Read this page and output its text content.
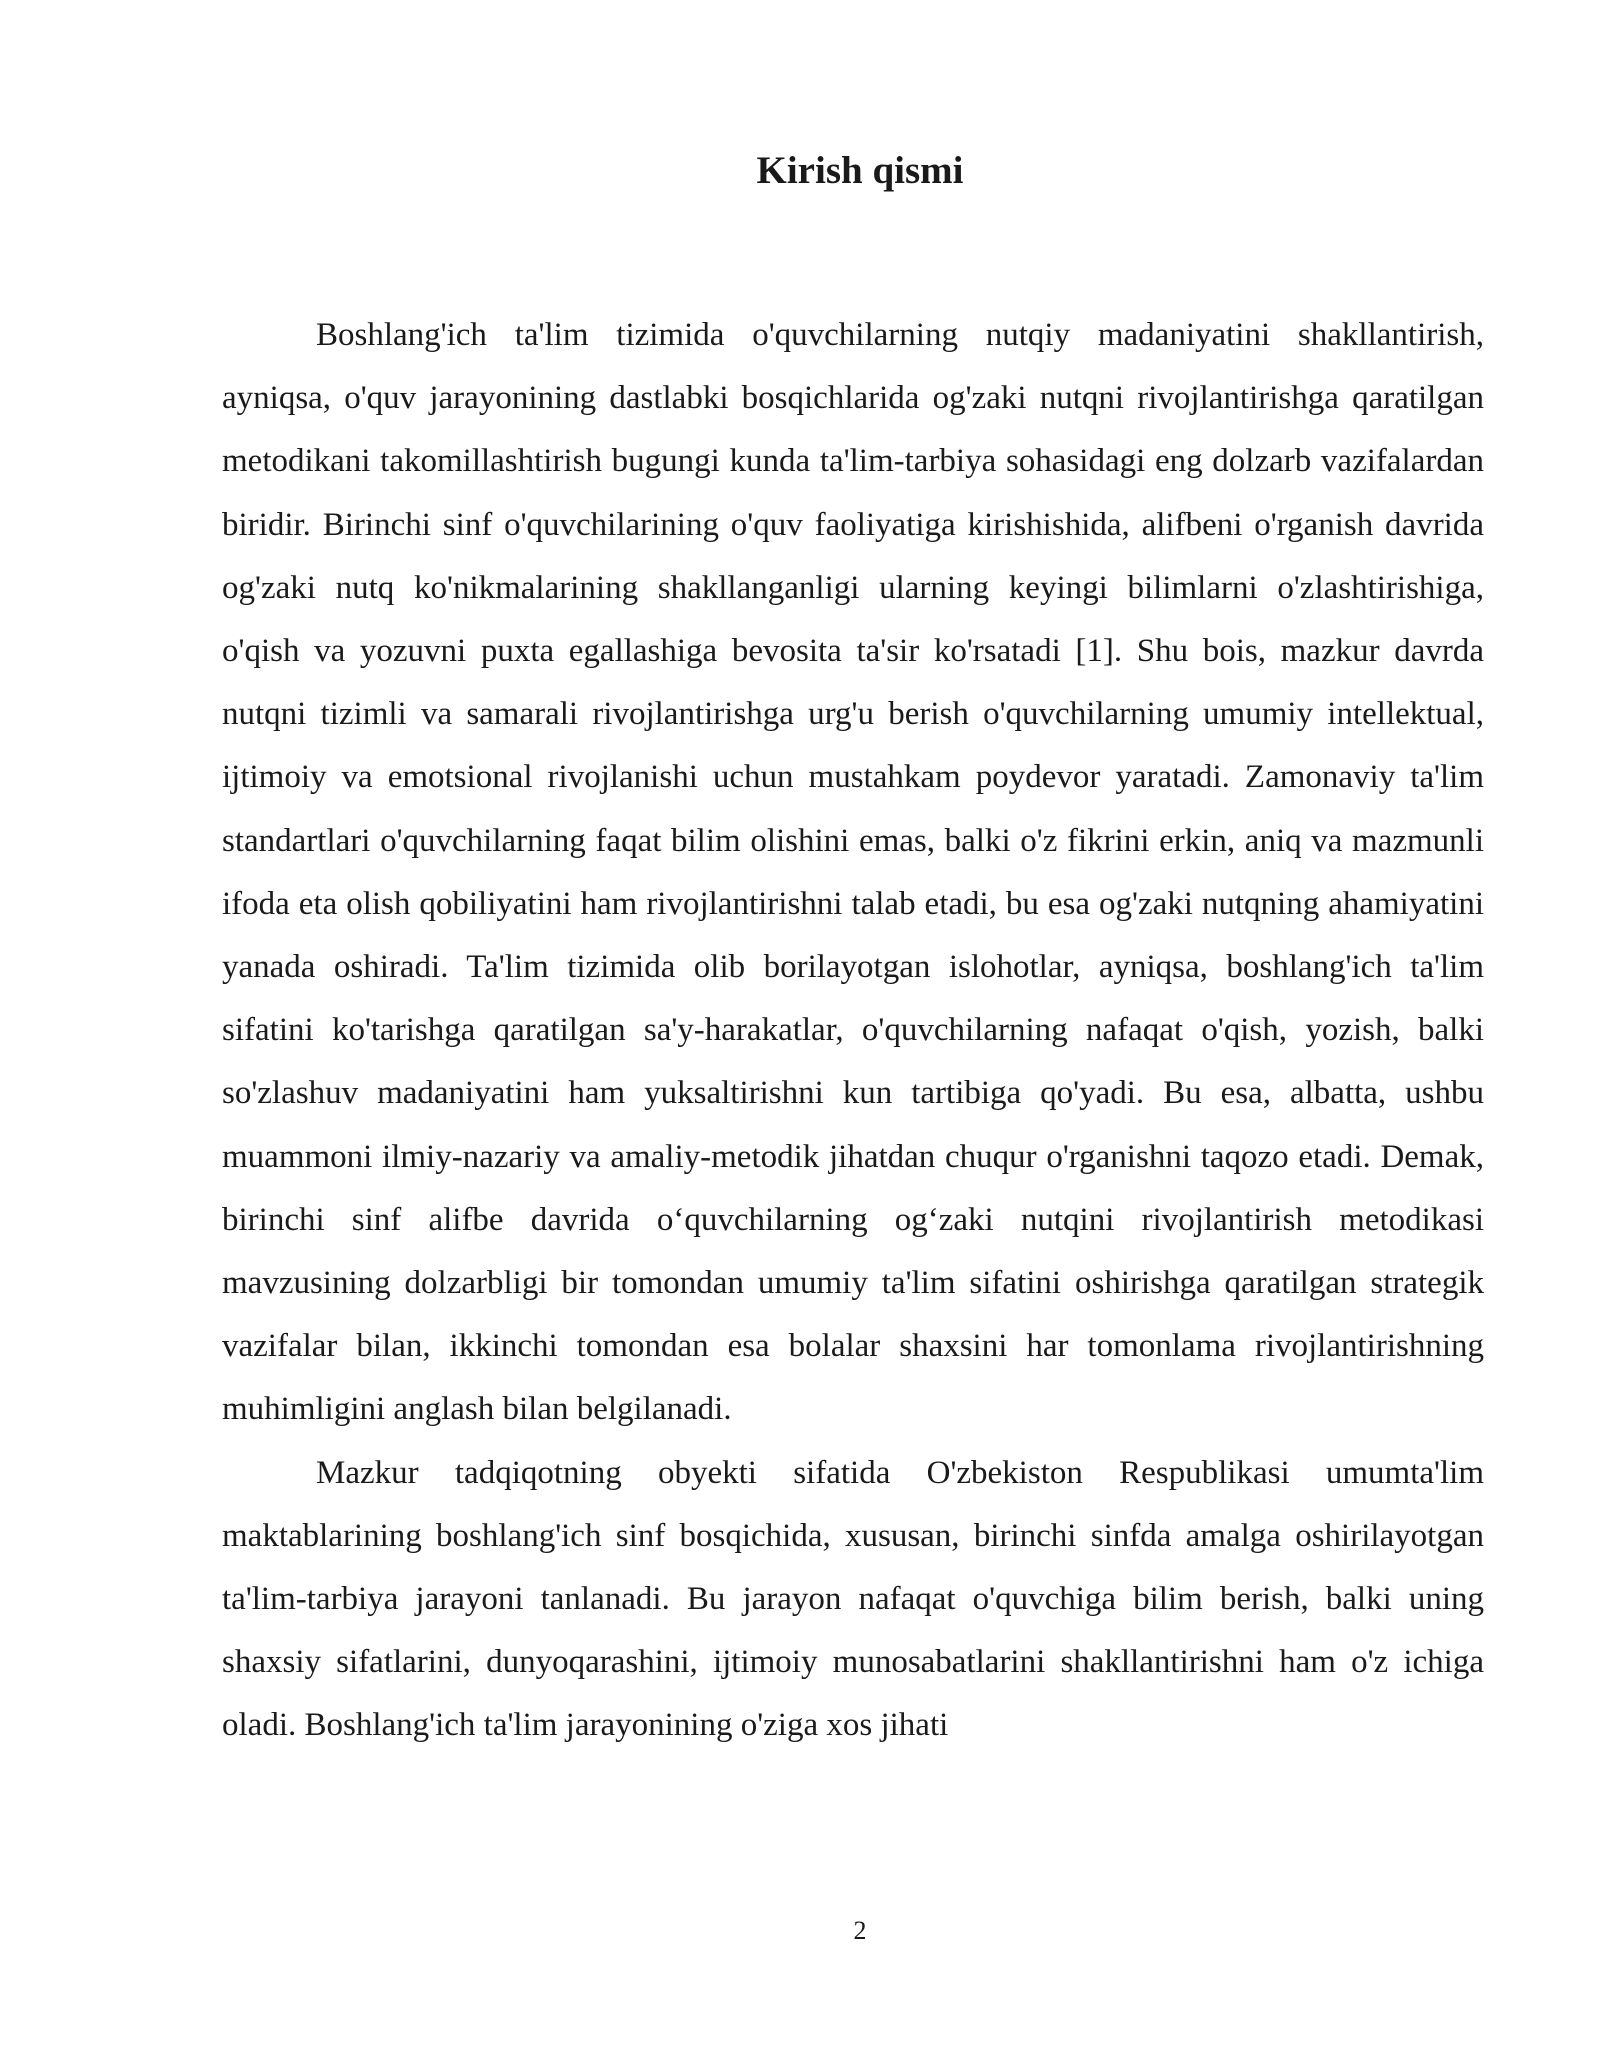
Kirish qismi

Boshlang'ich ta'lim tizimida o'quvchilarning nutqiy madaniyatini shakllantirish, ayniqsa, o'quv jarayonining dastlabki bosqichlarida og'zaki nutqni rivojlantirishga qaratilgan metodikani takomillashtirish bugungi kunda ta'lim-tarbiya sohasidagi eng dolzarb vazifalardan biridir. Birinchi sinf o'quvchilarining o'quv faoliyatiga kirishishida, alifbeni o'rganish davrida og'zaki nutq ko'nikmalarining shakllanganligi ularning keyingi bilimlarni o'zlashtirishiga, o'qish va yozuvni puxta egallashiga bevosita ta'sir ko'rsatadi [1]. Shu bois, mazkur davrda nutqni tizimli va samarali rivojlantirishga urg'u berish o'quvchilarning umumiy intellektual, ijtimoiy va emotsional rivojlanishi uchun mustahkam poydevor yaratadi. Zamonaviy ta'lim standartlari o'quvchilarning faqat bilim olishini emas, balki o'z fikrini erkin, aniq va mazmunli ifoda eta olish qobiliyatini ham rivojlantirishni talab etadi, bu esa og'zaki nutqning ahamiyatini yanada oshiradi. Ta'lim tizimida olib borilayotgan islohotlar, ayniqsa, boshlang'ich ta'lim sifatini ko'tarishga qaratilgan sa'y-harakatlar, o'quvchilarning nafaqat o'qish, yozish, balki so'zlashuv madaniyatini ham yuksaltirishni kun tartibiga qo'yadi. Bu esa, albatta, ushbu muammoni ilmiy-nazariy va amaliy-metodik jihatdan chuqur o'rganishni taqozo etadi. Demak, birinchi sinf alifbe davrida o‘quvchilarning og‘zaki nutqini rivojlantirish metodikasi mavzusining dolzarbligi bir tomondan umumiy ta'lim sifatini oshirishga qaratilgan strategik vazifalar bilan, ikkinchi tomondan esa bolalar shaxsini har tomonlama rivojlantirishning muhimligini anglash bilan belgilanadi.

Mazkur tadqiqotning obyekti sifatida O'zbekiston Respublikasi umumta'lim maktablarining boshlang'ich sinf bosqichida, xususan, birinchi sinfda amalga oshirilayotgan ta'lim-tarbiya jarayoni tanlanadi. Bu jarayon nafaqat o'quvchiga bilim berish, balki uning shaxsiy sifatlarini, dunyoqarashini, ijtimoiy munosabatlarini shakllantirishni ham o'z ichiga oladi. Boshlang'ich ta'lim jarayonining o'ziga xos jihati

2
